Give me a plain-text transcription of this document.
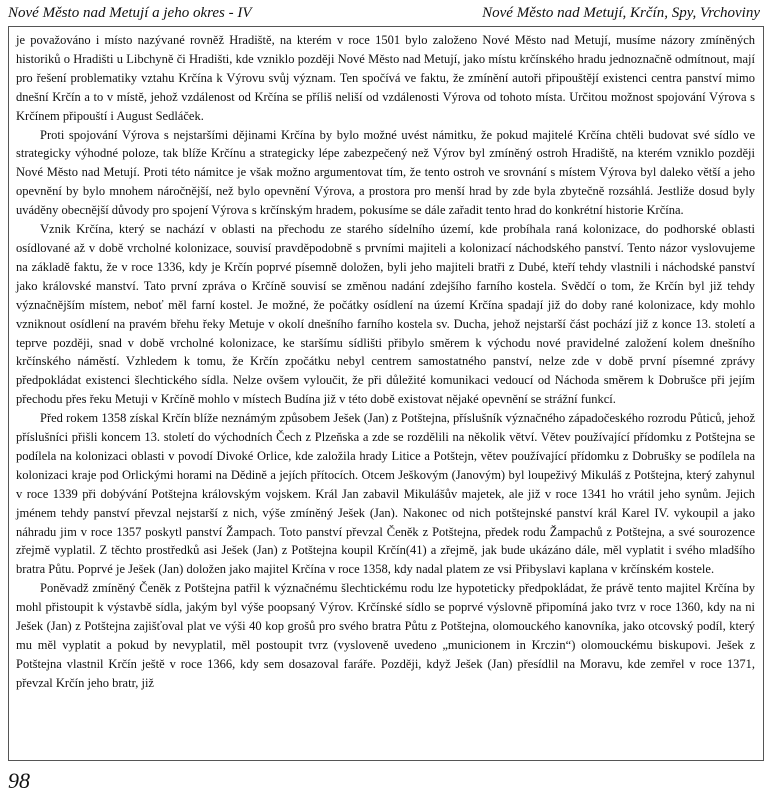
Nové Město nad Metují a jeho okres - IV	Nové Město nad Metují, Krčín, Spy, Vrchoviny

je považováno i místo nazývané rovněž Hradiště, na kterém v roce 1501 bylo založeno Nové Město nad Metují, musíme názory zmíněných historiků o Hradišti u Libchyně či Hradišti, kde vzniklo později Nové Město nad Metují, jako místu krčínského hradu jednoznačně odmítnout, mají pro řešení problematiky vztahu Krčína k Výrovu svůj význam. Ten spočívá ve faktu, že zmínění autoři připouštějí existenci centra panství mimo dnešní Krčín a to v místě, jehož vzdálenost od Krčína se příliš neliší od vzdálenosti Výrova od tohoto místa. Určitou možnost spojování Výrova s Krčínem připouští i August Sedláček.

Proti spojování Výrova s nejstaršími dějinami Krčína by bylo možné uvést námitku, že pokud majitelé Krčína chtěli budovat své sídlo ve strategicky výhodné poloze, tak blíže Krčínu a strategicky lépe zabezpečený než Výrov byl zmíněný ostroh Hradiště, na kterém vzniklo později Nové Město nad Metují. Proti této námitce je však možno argumentovat tím, že tento ostroh ve srovnání s místem Výrova byl daleko větší a jeho opevnění by bylo mnohem náročnější, než bylo opevnění Výrova, a prostora pro menší hrad by zde byla zbytečně rozsáhlá. Jestliže dosud byly uváděny obecnější důvody pro spojení Výrova s krčínským hradem, pokusíme se dále zařadit tento hrad do konkrétní historie Krčína.

Vznik Krčína, který se nachází v oblasti na přechodu ze starého sídelního území, kde probíhala raná kolonizace, do podhorské oblasti osídlované až v době vrcholné kolonizace, souvisí pravděpodobně s prvními majiteli a kolonizací náchodského panství. Tento názor vyslovujeme na základě faktu, že v roce 1336, kdy je Krčín poprvé písemně doložen, byli jeho majiteli bratři z Dubé, kteří tehdy vlastnili i náchodské panství jako královské manství. Tato první zpráva o Krčíně souvisí se změnou nadání zdejšího farního kostela. Svědčí o tom, že Krčín byl již tehdy význačnějším místem, neboť měl farní kostel. Je možné, že počátky osídlení na území Krčína spadají již do doby rané kolonizace, kdy mohlo vzniknout osídlení na pravém břehu řeky Metuje v okolí dnešního farního kostela sv. Ducha, jehož nejstarší část pochází již z konce 13. století a teprve později, snad v době vrcholné kolonizace, ke staršímu sídlišti přibylo směrem k východu nové pravidelné založení kolem dnešního krčínského náměstí. Vzhledem k tomu, že Krčín zpočátku nebyl centrem samostatného panství, nelze zde v době první písemné zprávy předpokládat existenci šlechtického sídla. Nelze ovšem vyloučit, že při důležité komunikaci vedoucí od Náchoda směrem k Dobrušce při jejím přechodu přes řeku Metuji v Krčíně mohlo v místech Budína již v této době existovat nějaké opevnění se strážní funkcí.

Před rokem 1358 získal Krčín blíže neznámým způsobem Ješek (Jan) z Potštejna, příslušník význačného západočeského rozrodu Půticů, jehož příslušníci přišli koncem 13. století do východních Čech z Plzeňska a zde se rozdělili na několik větví. Větev používající přídomku z Potštejna se podílela na kolonizaci oblasti v povodí Divoké Orlice, kde založila hrady Litice a Potštejn, větev používající přídomku z Dobrušky se podílela na kolonizaci kraje pod Orlickými horami na Dědině a jejích přítocích. Otcem Ješkovým (Janovým) byl loupeživý Mikuláš z Potštejna, který zahynul v roce 1339 při dobývání Potštejna královským vojskem. Král Jan zabavil Mikulášův majetek, ale již v roce 1341 ho vrátil jeho synům. Jejich jménem tehdy panství převzal nejstarší z nich, výše zmíněný Ješek (Jan). Nakonec od nich potštejnské panství král Karel IV. vykoupil a jako náhradu jim v roce 1357 poskytl panství Žampach. Toto panství převzal Čeněk z Potštejna, předek rodu Žampachů z Potštejna, a své sourozence zřejmě vyplatil. Z těchto prostředků asi Ješek (Jan) z Potštejna koupil Krčín(41) a zřejmě, jak bude ukázáno dále, měl vyplatit i svého mladšího bratra Půtu. Poprvé je Ješek (Jan) doložen jako majitel Krčína v roce 1358, kdy nadal platem ze vsi Přibyslavi kaplana v krčínském kostele.

Poněvadž zmíněný Čeněk z Potštejna patřil k význačnému šlechtickému rodu lze hypoteticky předpokládat, že právě tento majitel Krčína by mohl přistoupit k výstavbě sídla, jakým byl výše poopsaný Výrov. Krčínské sídlo se poprvé výslovně připomíná jako tvrz v roce 1360, kdy na ni Ješek (Jan) z Potštejna zajišťoval plat ve výši 40 kop grošů pro svého bratra Půtu z Potštejna, olomouckého kanovníka, jako otcovský podíl, který mu měl vyplatit a pokud by nevyplatil, měl postoupit tvrz (vysloveně uvedeno „municionem in Krczin“) olomouckému biskupovi. Ješek z Potštejna vlastnil Krčín ještě v roce 1366, kdy sem dosazoval faráře. Později, když Ješek (Jan) přesídlil na Moravu, kde zemřel v roce 1371, převzal Krčín jeho bratr, již

98
